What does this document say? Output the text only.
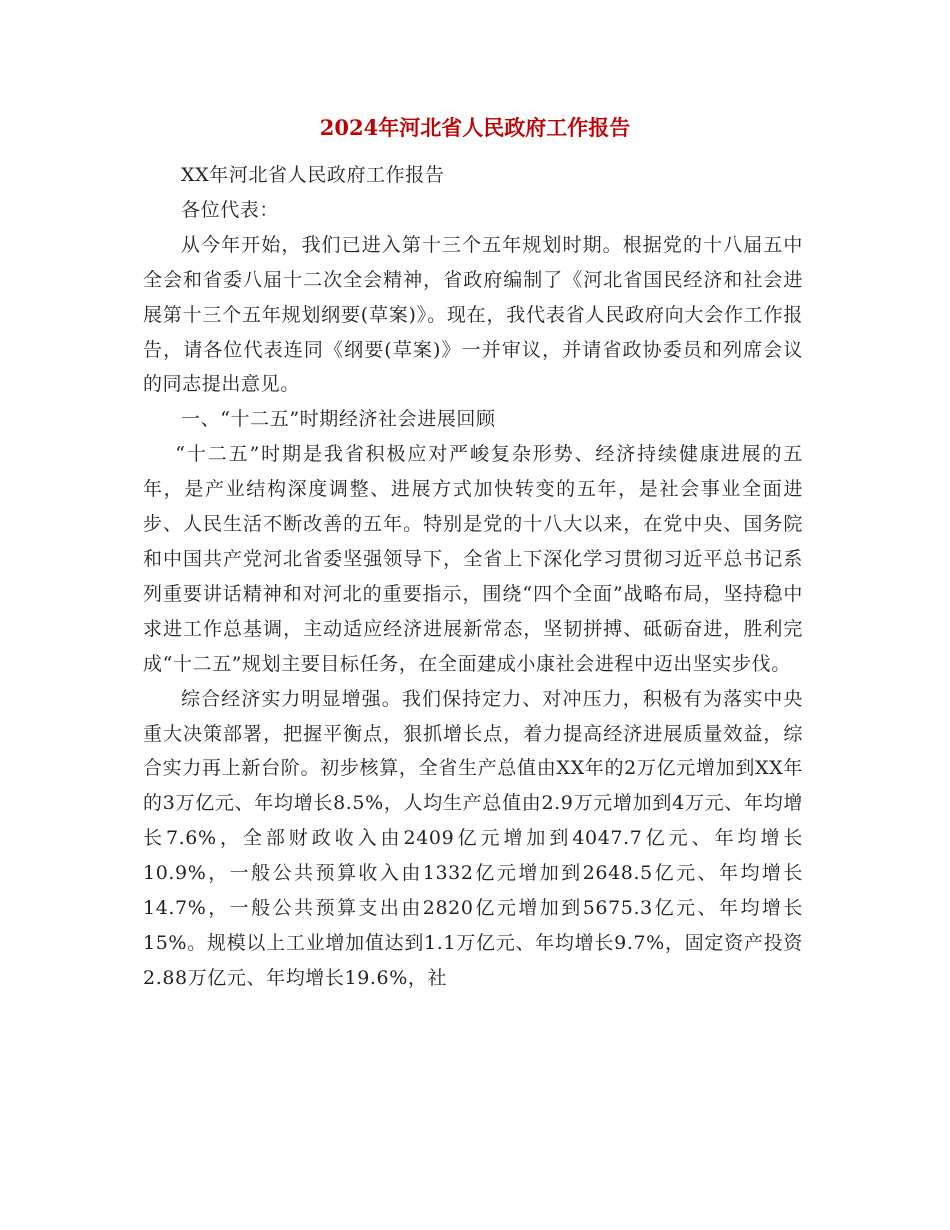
2024年河北省人民政府工作报告

XX年河北省人民政府工作报告

各位代表：

从今年开始，我们已进入第十三个五年规划时期。根据党的十八届五中全会和省委八届十二次全会精神，省政府编制了《河北省国民经济和社会进展第十三个五年规划纲要(草案)》。现在，我代表省人民政府向大会作工作报告，请各位代表连同《纲要(草案)》一并审议，并请省政协委员和列席会议的同志提出意见。

一、“十二五”时期经济社会进展回顾

“十二五”时期是我省积极应对严峻复杂形势、经济持续健康进展的五年，是产业结构深度调整、进展方式加快转变的五年，是社会事业全面进步、人民生活不断改善的五年。特别是党的十八大以来，在党中央、国务院和中国共产党河北省委坚强领导下，全省上下深化学习贯彻习近平总书记系列重要讲话精神和对河北的重要指示，围绕“四个全面”战略布局，坚持稳中求进工作总基调，主动适应经济进展新常态，坚韧拼搏、砥砺奋进，胜利完成“十二五”规划主要目标任务，在全面建成小康社会进程中迈出坚实步伐。

综合经济实力明显增强。我们保持定力、对冲压力，积极有为落实中央重大决策部署，把握平衡点，狠抓增长点，着力提高经济进展质量效益，综合实力再上新台阶。初步核算，全省生产总值由XX年的2万亿元增加到XX年的3万亿元、年均增长8.5%，人均生产总值由2.9万元增加到4万元、年均增长7.6%，全部财政收入由2409亿元增加到4047.7亿元、年均增长10.9%，一般公共预算收入由1332亿元增加到2648.5亿元、年均增长14.7%，一般公共预算支出由2820亿元增加到5675.3亿元、年均增长15%。规模以上工业增加值达到1.1万亿元、年均增长9.7%，固定资产投资2.88万亿元、年均增长19.6%，社
